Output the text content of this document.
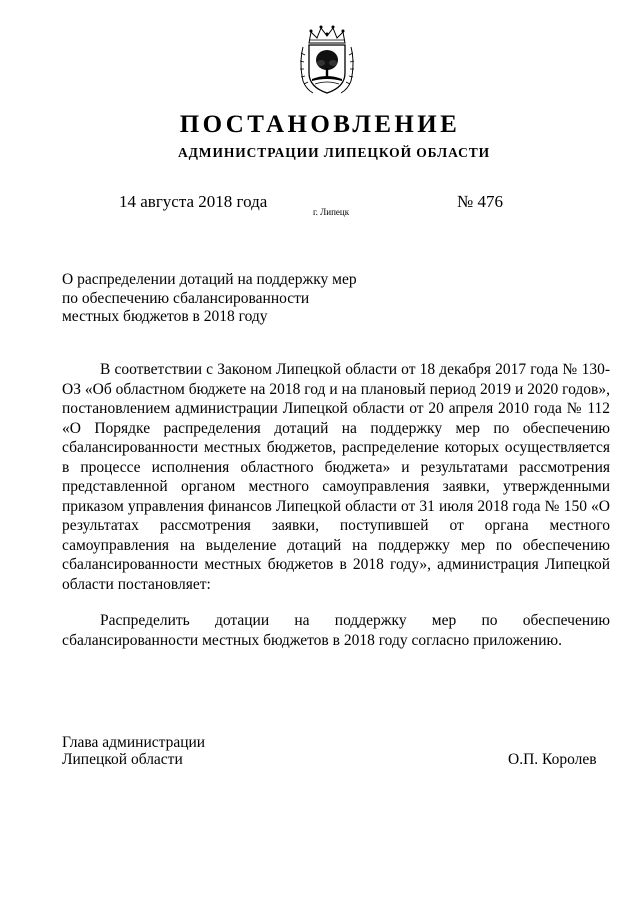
ПОСТАНОВЛЕНИЕ
АДМИНИСТРАЦИИ ЛИПЕЦКОЙ ОБЛАСТИ
14 августа 2018 года
г. Липецк
№ 476
О распределении дотаций на поддержку мер
по обеспечению сбалансированности
местных бюджетов в 2018 году

В соответствии с Законом Липецкой области от 18 декабря 2017 года № 130-ОЗ «Об областном бюджете на 2018 год и на плановый период 2019 и 2020 годов», постановлением администрации Липецкой области от 20 апреля 2010 года № 112 «О Порядке распределения дотаций на поддержку мер по обеспечению сбалансированности местных бюджетов, распределение которых осуществляется в процессе исполнения областного бюджета» и результатами рассмотрения представленной органом местного самоуправления заявки, утвержденными приказом управления финансов Липецкой области от 31 июля 2018 года № 150 «О результатах рассмотрения заявки, поступившей от органа местного самоуправления на выделение дотаций на поддержку мер по обеспечению сбалансированности местных бюджетов в 2018 году», администрация Липецкой области постановляет:

Распределить дотации на поддержку мер по обеспечению сбалансированности местных бюджетов в 2018 году согласно приложению.

Глава администрации
Липецкой области	О.П. Королев
